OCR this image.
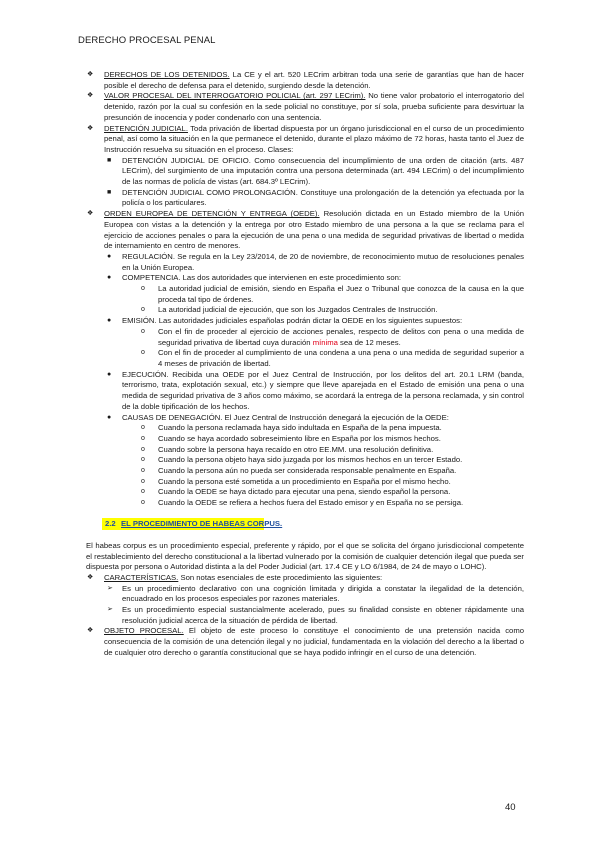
DERECHO PROCESAL PENAL

❖ DERECHOS DE LOS DETENIDOS. La CE y el art. 520 LECrim arbitran toda una serie de garantías que han de hacer posible el derecho de defensa para el detenido, surgiendo desde la detención.

❖ VALOR PROCESAL DEL INTERROGATORIO POLICIAL (art. 297 LECrim). No tiene valor probatorio el interrogatorio del detenido, razón por la cual su confesión en la sede policial no constituye, por sí sola, prueba suficiente para desvirtuar la presunción de inocencia y poder condenarlo con una sentencia.

❖ DETENCIÓN JUDICIAL. Toda privación de libertad dispuesta por un órgano jurisdiccional en el curso de un procedimiento penal, así como la situación en la que permanece el detenido, durante el plazo máximo de 72 horas, hasta tanto el Juez de Instrucción resuelva su situación en el proceso. Clases:

■ DETENCIÓN JUDICIAL DE OFICIO. Como consecuencia del incumplimiento de una orden de citación (arts. 487 LECrim), del surgimiento de una imputación contra una persona determinada (art. 494 LECrim) o del incumplimiento de las normas de policía de vistas (art. 684.3º LECrim).

■ DETENCIÓN JUDICIAL COMO PROLONGACIÓN. Constituye una prolongación de la detención ya efectuada por la policía o los particulares.

❖ ORDEN EUROPEA DE DETENCIÓN Y ENTREGA (OEDE). Resolución dictada en un Estado miembro de la Unión Europea con vistas a la detención y la entrega por otro Estado miembro de una persona a la que se reclama para el ejercicio de acciones penales o para la ejecución de una pena o una medida de seguridad privativas de libertad o medida de internamiento en centro de menores.

● REGULACIÓN. Se regula en la Ley 23/2014, de 20 de noviembre, de reconocimiento mutuo de resoluciones penales en la Unión Europea.

● COMPETENCIA. Las dos autoridades que intervienen en este procedimiento son:

o La autoridad judicial de emisión, siendo en España el Juez o Tribunal que conozca de la causa en la que proceda tal tipo de órdenes.

o La autoridad judicial de ejecución, que son los Juzgados Centrales de Instrucción.

● EMISIÓN. Las autoridades judiciales españolas podrán dictar la OEDE en los siguientes supuestos:

o Con el fin de proceder al ejercicio de acciones penales, respecto de delitos con pena o una medida de seguridad privativa de libertad cuya duración mínima sea de 12 meses.

o Con el fin de proceder al cumplimiento de una condena a una pena o una medida de seguridad superior a 4 meses de privación de libertad.

● EJECUCIÓN. Recibida una OEDE por el Juez Central de Instrucción, por los delitos del art. 20.1 LRM (banda, terrorismo, trata, explotación sexual, etc.) y siempre que lleve aparejada en el Estado de emisión una pena o una medida de seguridad privativa de 3 años como máximo, se acordará la entrega de la persona reclamada, y sin control de la doble tipificación de los hechos.

● CAUSAS DE DENEGACIÓN. El Juez Central de Instrucción denegará la ejecución de la OEDE:

o Cuando la persona reclamada haya sido indultada en España de la pena impuesta.

o Cuando se haya acordado sobreseimiento libre en España por los mismos hechos.

o Cuando sobre la persona haya recaído en otro EE.MM. una resolución definitiva.

o Cuando la persona objeto haya sido juzgada por los mismos hechos en un tercer Estado.

o Cuando la persona aún no pueda ser considerada responsable penalmente en España.

o Cuando la persona esté sometida a un procedimiento en España por el mismo hecho.

o Cuando la OEDE se haya dictado para ejecutar una pena, siendo español la persona.

o Cuando la OEDE se refiera a hechos fuera del Estado emisor y en España no se persiga.

2.2 EL PROCEDIMIENTO DE HABEAS CORPUS.

El habeas corpus es un procedimiento especial, preferente y rápido, por el que se solicita del órgano jurisdiccional competente el restablecimiento del derecho constitucional a la libertad vulnerado por la comisión de cualquier detención ilegal que pueda ser dispuesta por persona o Autoridad distinta a la del Poder Judicial (art. 17.4 CE y LO 6/1984, de 24 de mayo o LOHC).

❖ CARACTERÍSTICAS. Son notas esenciales de este procedimiento las siguientes:

➢ Es un procedimiento declarativo con una cognición limitada y dirigida a constatar la ilegalidad de la detención, encuadrado en los procesos especiales por razones materiales.

➢ Es un procedimiento especial sustancialmente acelerado, pues su finalidad consiste en obtener rápidamente una resolución judicial acerca de la situación de pérdida de libertad.

❖ OBJETO PROCESAL. El objeto de este proceso lo constituye el conocimiento de una pretensión nacida como consecuencia de la comisión de una detención ilegal y no judicial, fundamentada en la violación del derecho a la libertad o de cualquier otro derecho o garantía constitucional que se haya podido infringir en el curso de una detención.

40
